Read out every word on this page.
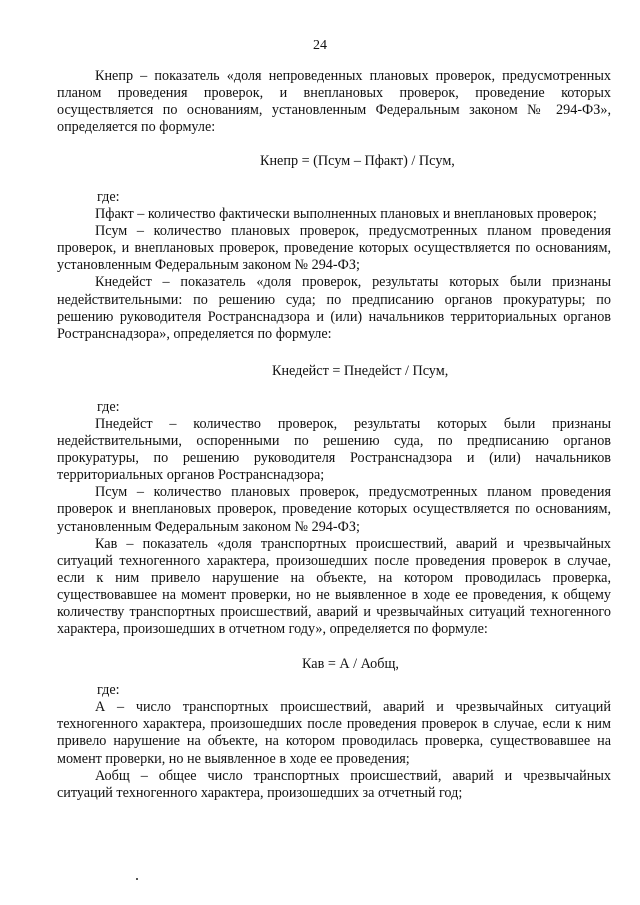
24

Кнепр – показатель «доля непроведенных плановых проверок, предусмотренных планом проведения проверок, и внеплановых проверок, проведение которых осуществляется по основаниям, установленным Федеральным законом № 294-ФЗ», определяется по формуле:

Кнепр = (Пcум – Пфакт) / Пcум,

где:

Пфакт – количество фактически выполненных плановых и внеплановых проверок;

Псум – количество плановых проверок, предусмотренных планом проведения проверок, и внеплановых проверок, проведение которых осуществляется по основаниям, установленным Федеральным законом № 294-ФЗ;

Кнедейст – показатель «доля проверок, результаты которых были признаны недействительными: по решению суда; по предписанию органов прокуратуры; по решению руководителя Ространснадзора и (или) начальников территориальных органов Ространснадзора», определяется по формуле:

Кнедейст = Пнедейст / Псум,

где:

Пнедейст – количество проверок, результаты которых были признаны недействительными, оспоренными по решению суда, по предписанию органов прокуратуры, по решению руководителя Ространснадзора и (или) начальников территориальных органов Ространснадзора;

Псум – количество плановых проверок, предусмотренных планом проведения проверок и внеплановых проверок, проведение которых осуществляется по основаниям, установленным Федеральным законом № 294-ФЗ;

Кав – показатель «доля транспортных происшествий, аварий и чрезвычайных ситуаций техногенного характера, произошедших после проведения проверок в случае, если к ним привело нарушение на объекте, на котором проводилась проверка, существовавшее на момент проверки, но не выявленное в ходе ее проведения, к общему количеству транспортных происшествий, аварий и чрезвычайных ситуаций техногенного характера, произошедших в отчетном году», определяется по формуле:

Кав = А / Аобщ,

где:

А – число транспортных происшествий, аварий и чрезвычайных ситуаций техногенного характера, произошедших после проведения проверок в случае, если к ним привело нарушение на объекте, на котором проводилась проверка, существовавшее на момент проверки, но не выявленное в ходе ее проведения;

Аобщ – общее число транспортных происшествий, аварий и чрезвычайных ситуаций техногенного характера, произошедших за отчетный год;
